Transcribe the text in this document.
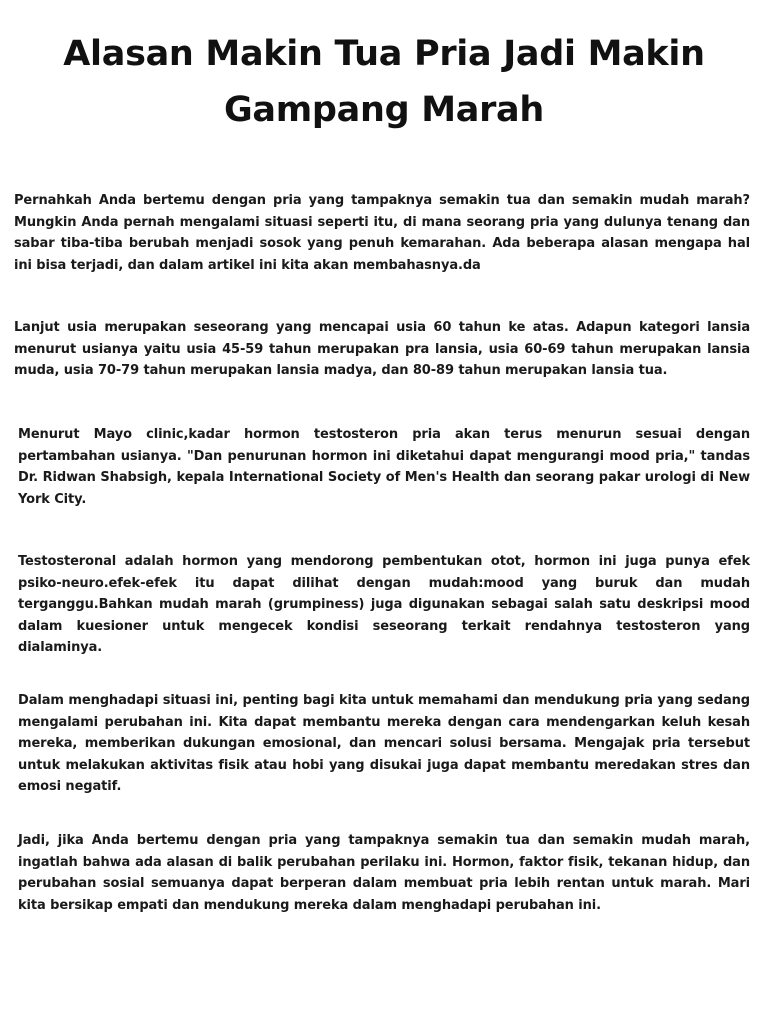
Alasan Makin Tua Pria Jadi Makin Gampang Marah

Pernahkah Anda bertemu dengan pria yang tampaknya semakin tua dan semakin mudah marah? Mungkin Anda pernah mengalami situasi seperti itu, di mana seorang pria yang dulunya tenang dan sabar tiba-tiba berubah menjadi sosok yang penuh kemarahan. Ada beberapa alasan mengapa hal ini bisa terjadi, dan dalam artikel ini kita akan membahasnya.da

Lanjut usia merupakan seseorang yang mencapai usia 60 tahun ke atas. Adapun kategori lansia menurut usianya yaitu usia 45-59 tahun merupakan pra lansia, usia 60-69 tahun merupakan lansia muda, usia 70-79 tahun merupakan lansia madya, dan 80-89 tahun merupakan lansia tua.

Menurut Mayo clinic,kadar hormon testosteron pria akan terus menurun sesuai dengan pertambahan usianya. "Dan penurunan hormon ini diketahui dapat mengurangi mood pria," tandas Dr. Ridwan Shabsigh, kepala International Society of Men's Health dan seorang pakar urologi di New York City.

Testosteronal adalah hormon yang mendorong pembentukan otot, hormon ini juga punya efek psiko-neuro.efek-efek itu dapat dilihat dengan mudah:mood yang buruk dan mudah terganggu.Bahkan mudah marah (grumpiness) juga digunakan sebagai salah satu deskripsi mood dalam kuesioner untuk mengecek kondisi seseorang terkait rendahnya testosteron yang dialaminya.

Dalam menghadapi situasi ini, penting bagi kita untuk memahami dan mendukung pria yang sedang mengalami perubahan ini. Kita dapat membantu mereka dengan cara mendengarkan keluh kesah mereka, memberikan dukungan emosional, dan mencari solusi bersama. Mengajak pria tersebut untuk melakukan aktivitas fisik atau hobi yang disukai juga dapat membantu meredakan stres dan emosi negatif.

Jadi, jika Anda bertemu dengan pria yang tampaknya semakin tua dan semakin mudah marah, ingatlah bahwa ada alasan di balik perubahan perilaku ini. Hormon, faktor fisik, tekanan hidup, dan perubahan sosial semuanya dapat berperan dalam membuat pria lebih rentan untuk marah. Mari kita bersikap empati dan mendukung mereka dalam menghadapi perubahan ini.
